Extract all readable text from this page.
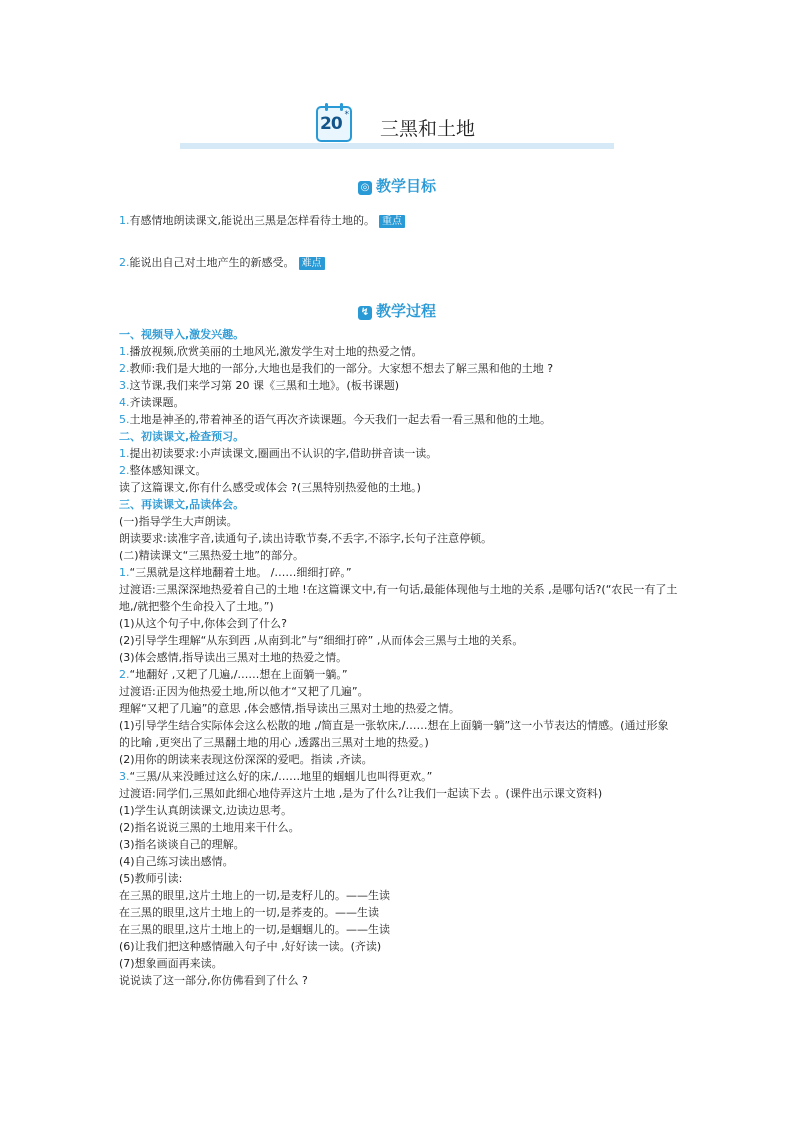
20 *
三黑和土地
◎ 教学目标
1.有感情地朗读课文,能说出三黑是怎样看待土地的。 重点
2.能说出自己对土地产生的新感受。 难点
↯ 教学过程
一、视频导入,激发兴趣。
1.播放视频,欣赏美丽的土地风光,激发学生对土地的热爱之情。
2.教师:我们是大地的一部分,大地也是我们的一部分。大家想不想去了解三黑和他的土地 ?
3.这节课,我们来学习第 20 课《三黑和土地》。(板书课题)
4.齐读课题。
5.土地是神圣的,带着神圣的语气再次齐读课题。今天我们一起去看一看三黑和他的土地。
二、初读课文,检查预习。
1.提出初读要求:小声读课文,圈画出不认识的字,借助拼音读一读。
2.整体感知课文。
读了这篇课文,你有什么感受或体会 ?(三黑特别热爱他的土地。)
三、再读课文,品读体会。
(一)指导学生大声朗读。
朗读要求:读准字音,读通句子,读出诗歌节奏,不丢字,不添字,长句子注意停顿。
(二)精读课文“三黑热爱土地”的部分。
1.“三黑就是这样地翻着土地。 /……细细打碎。”
过渡语:三黑深深地热爱着自己的土地 !在这篇课文中,有一句话,最能体现他与土地的关系 ,是哪句话?(“农民一有了土地,/就把整个生命投入了土地。”)
(1)从这个句子中,你体会到了什么?
(2)引导学生理解“从东到西 ,从南到北”与“细细打碎” ,从而体会三黑与土地的关系。
(3)体会感情,指导读出三黑对土地的热爱之情。
2.“地翻好 ,又耙了几遍,/……想在上面躺一躺。”
过渡语:正因为他热爱土地,所以他才“又耙了几遍”。
理解“又耙了几遍”的意思 ,体会感情,指导读出三黑对土地的热爱之情。
(1)引导学生结合实际体会这么松散的地 ,/简直是一张软床,/……想在上面躺一躺”这一小节表达的情感。(通过形象的比喻 ,更突出了三黑翻土地的用心 ,透露出三黑对土地的热爱。)
(2)用你的朗读来表现这份深深的爱吧。指读 ,齐读。
3.“三黑/从来没睡过这么好的床,/……地里的蝈蝈儿也叫得更欢。”
过渡语:同学们,三黑如此细心地侍弄这片土地 ,是为了什么?让我们一起读下去 。(课件出示课文资料)
(1)学生认真朗读课文,边读边思考。
(2)指名说说三黑的土地用来干什么。
(3)指名谈谈自己的理解。
(4)自己练习读出感情。
(5)教师引读:
在三黑的眼里,这片土地上的一切,是麦籽儿的。——生读
在三黑的眼里,这片土地上的一切,是荞麦的。——生读
在三黑的眼里,这片土地上的一切,是蝈蝈儿的。——生读
(6)让我们把这种感情融入句子中 ,好好读一读。(齐读)
(7)想象画面再来读。
说说读了这一部分,你仿佛看到了什么 ?
